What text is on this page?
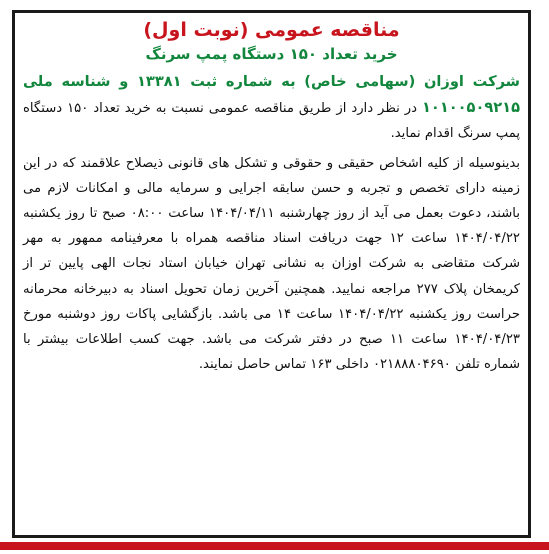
مناقصه عمومی (نوبت اول)
خرید تعداد ۱۵۰ دستگاه پمپ سرنگ

شرکت اوزان (سهامی خاص) به شماره ثبت ۱۳۳۸۱ و شناسه ملی ۱۰۱۰۰۵۰۹۲۱۵ در نظر دارد از طریق مناقصه عمومی نسبت به خرید تعداد ۱۵۰ دستگاه پمپ سرنگ اقدام نماید.

بدینوسیله از کلیه اشخاص حقیقی و حقوقی و تشکل های قانونی ذیصلاح علاقمند که در این زمینه دارای تخصص و تجربه و حسن سابقه اجرایی و سرمایه مالی و امکانات لازم می باشند، دعوت بعمل می آید از روز چهارشنبه ۱۴۰۴/۰۴/۱۱ ساعت ۰۸:۰۰ صبح تا روز یکشنبه ۱۴۰۴/۰۴/۲۲ ساعت ۱۲ جهت دریافت اسناد مناقصه همراه با معرفینامه ممهور به مهر شرکت متقاضی به شرکت اوزان به نشانی تهران خیابان استاد نجات الهی پایین تر از کریمخان پلاک ۲۷۷ مراجعه نمایید. همچنین آخرین زمان تحویل اسناد به دبیرخانه محرمانه حراست روز یکشنبه ۱۴۰۴/۰۴/۲۲ ساعت ۱۴ می باشد. بازگشایی پاکات روز دوشنبه مورخ ۱۴۰۴/۰۴/۲۳ ساعت ۱۱ صبح در دفتر شرکت می باشد. جهت کسب اطلاعات بیشتر با شماره تلفن ۰۲۱۸۸۸۰۴۶۹۰ داخلی ۱۶۳ تماس حاصل نمایند.
